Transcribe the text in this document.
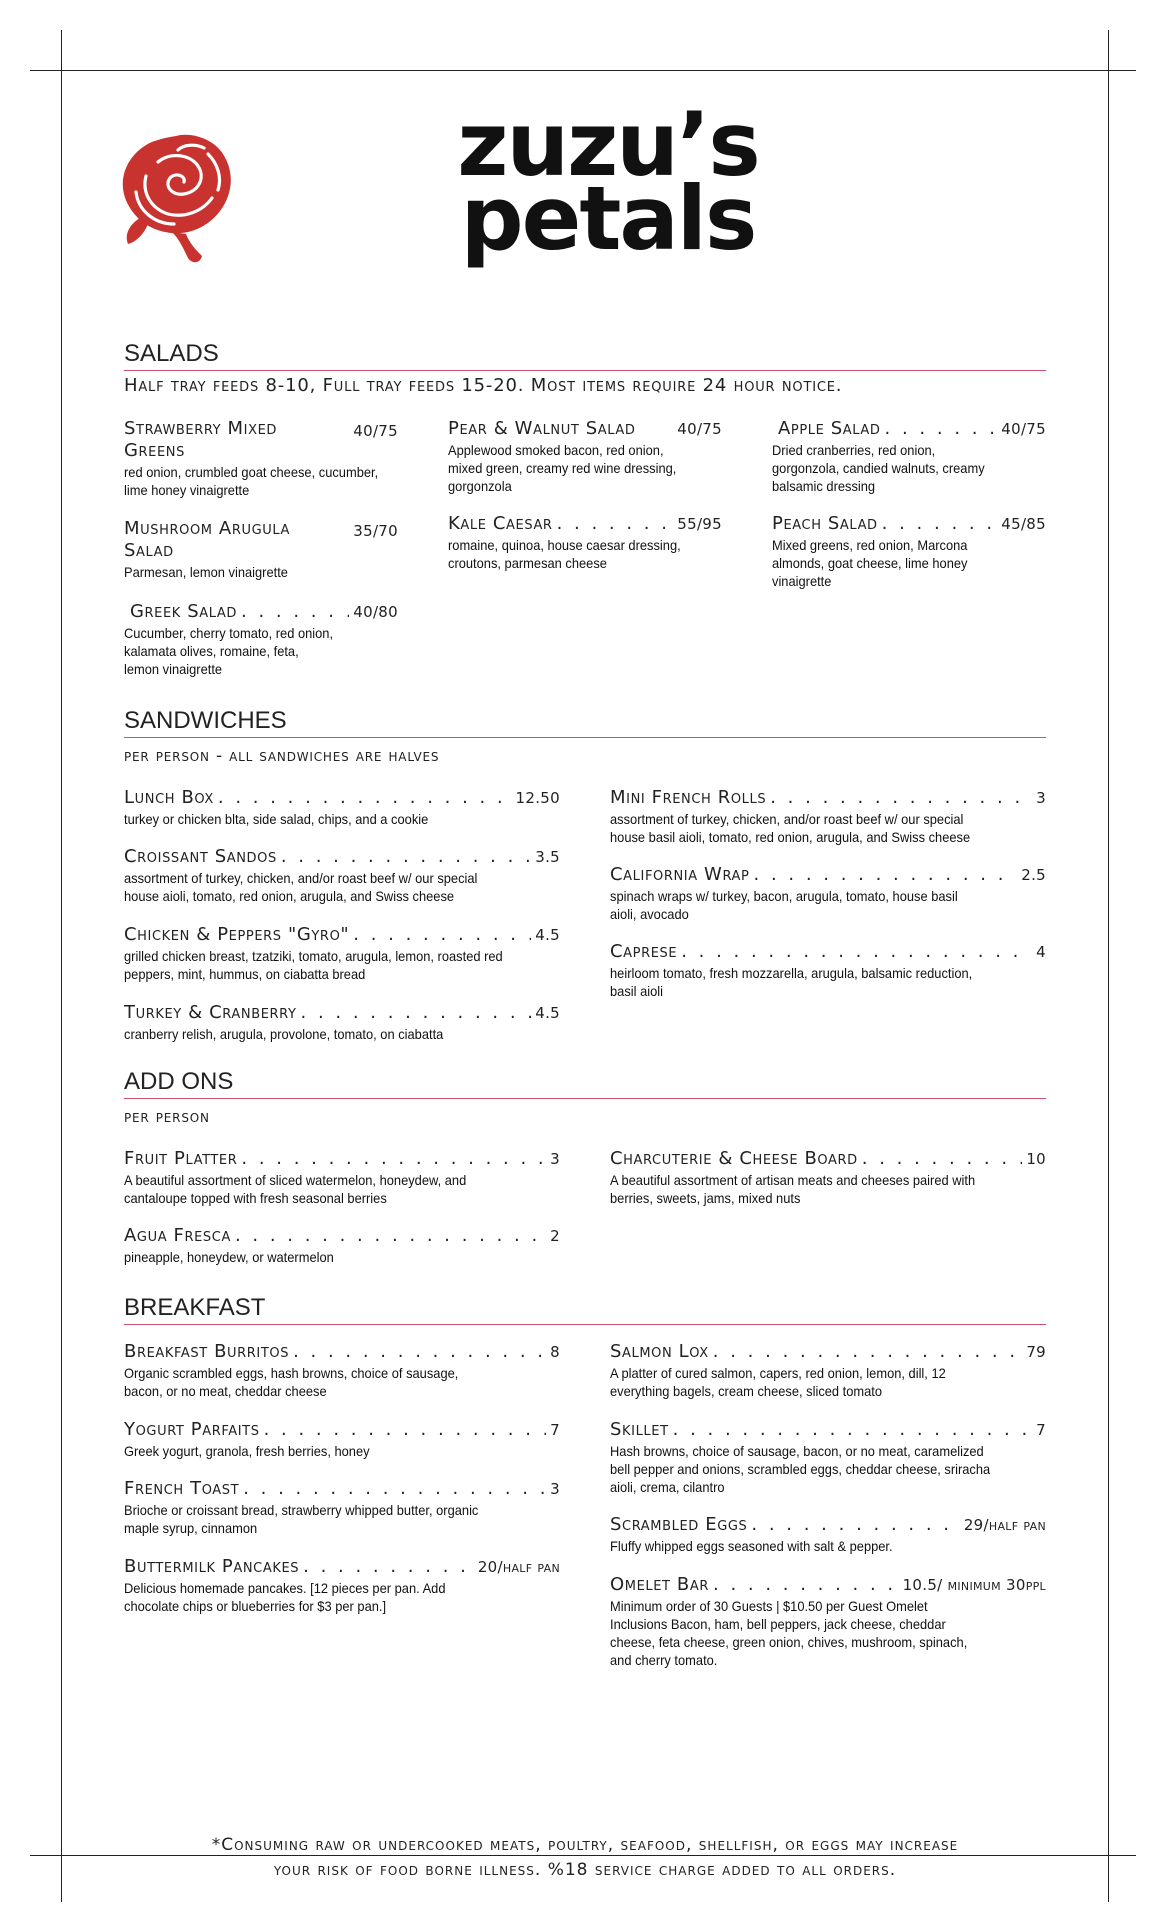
zuzu’s
petals
SALADS
Half tray feeds 8-10, Full tray feeds 15-20. Most items require 24 hour notice.
Strawberry Mixed Greens
40/75
red onion, crumbled goat cheese, cucumber, lime honey vinaigrette
Mushroom Arugula Salad
35/70
Parmesan, lemon vinaigrette
Greek Salad . . .	40/80
Cucumber, cherry tomato, red onion, kalamata olives, romaine, feta, lemon vinaigrette
Pear & Walnut Salad	40/75
Applewood smoked bacon, red onion, mixed green, creamy red wine dressing, gorgonzola
Kale Caesar . . .	55/95
romaine, quinoa, house caesar dressing, croutons, parmesan cheese
Apple Salad . . .	40/75
Dried cranberries, red onion, gorgonzola, candied walnuts, creamy balsamic dressing
Peach Salad . . .	45/85
Mixed greens, red onion, Marcona almonds, goat cheese, lime honey vinaigrette
SANDWICHES
per person - all sandwiches are halves
Lunch Box . . .	12.50
turkey or chicken blta, side salad, chips, and a cookie
Croissant Sandos . . .	3.5
assortment of turkey, chicken, and/or roast beef w/ our special house aioli, tomato, red onion, arugula, and Swiss cheese
Chicken & Peppers "Gyro" . . .	4.5
grilled chicken breast, tzatziki, tomato, arugula, lemon, roasted red peppers, mint, hummus, on ciabatta bread
Turkey & Cranberry . . .	4.5
cranberry relish, arugula, provolone, tomato, on ciabatta
Mini French Rolls . . .	3
assortment of turkey, chicken, and/or roast beef w/ our special house basil aioli, tomato, red onion, arugula, and Swiss cheese
California Wrap . . .	2.5
spinach wraps w/ turkey, bacon, arugula, tomato, house basil aioli, avocado
Caprese . . .	4
heirloom tomato, fresh mozzarella, arugula, balsamic reduction, basil aioli
ADD ONS
per person
Fruit Platter . . .	3
A beautiful assortment of sliced watermelon, honeydew, and cantaloupe topped with fresh seasonal berries
Agua Fresca . . .	2
pineapple, honeydew, or watermelon
Charcuterie & Cheese Board . . .	10
A beautiful assortment of artisan meats and cheeses paired with berries, sweets, jams, mixed nuts
BREAKFAST
Breakfast Burritos . . .	8
Organic scrambled eggs, hash browns, choice of sausage, bacon, or no meat, cheddar cheese
Yogurt Parfaits . . .	7
Greek yogurt, granola, fresh berries, honey
French Toast . . .	3
Brioche or croissant bread, strawberry whipped butter, organic maple syrup, cinnamon
Buttermilk Pancakes . . .	20/half pan
Delicious homemade pancakes. [12 pieces per pan. Add chocolate chips or blueberries for $3 per pan.]
Salmon Lox . . .	79
A platter of cured salmon, capers, red onion, lemon, dill, 12 everything bagels, cream cheese, sliced tomato
Skillet . . .	7
Hash browns, choice of sausage, bacon, or no meat, caramelized bell pepper and onions, scrambled eggs, cheddar cheese, sriracha aioli, crema, cilantro
Scrambled Eggs . . .	29/half pan
Fluffy whipped eggs seasoned with salt & pepper.
Omelet Bar . . .	10.5/ minimum 30ppl
Minimum order of 30 Guests | $10.50 per Guest Omelet Inclusions Bacon, ham, bell peppers, jack cheese, cheddar cheese, feta cheese, green onion, chives, mushroom, spinach, and cherry tomato.
*Consuming raw or undercooked meats, poultry, seafood, shellfish, or eggs may increase
your risk of food borne illness. %18 service charge added to all orders.
